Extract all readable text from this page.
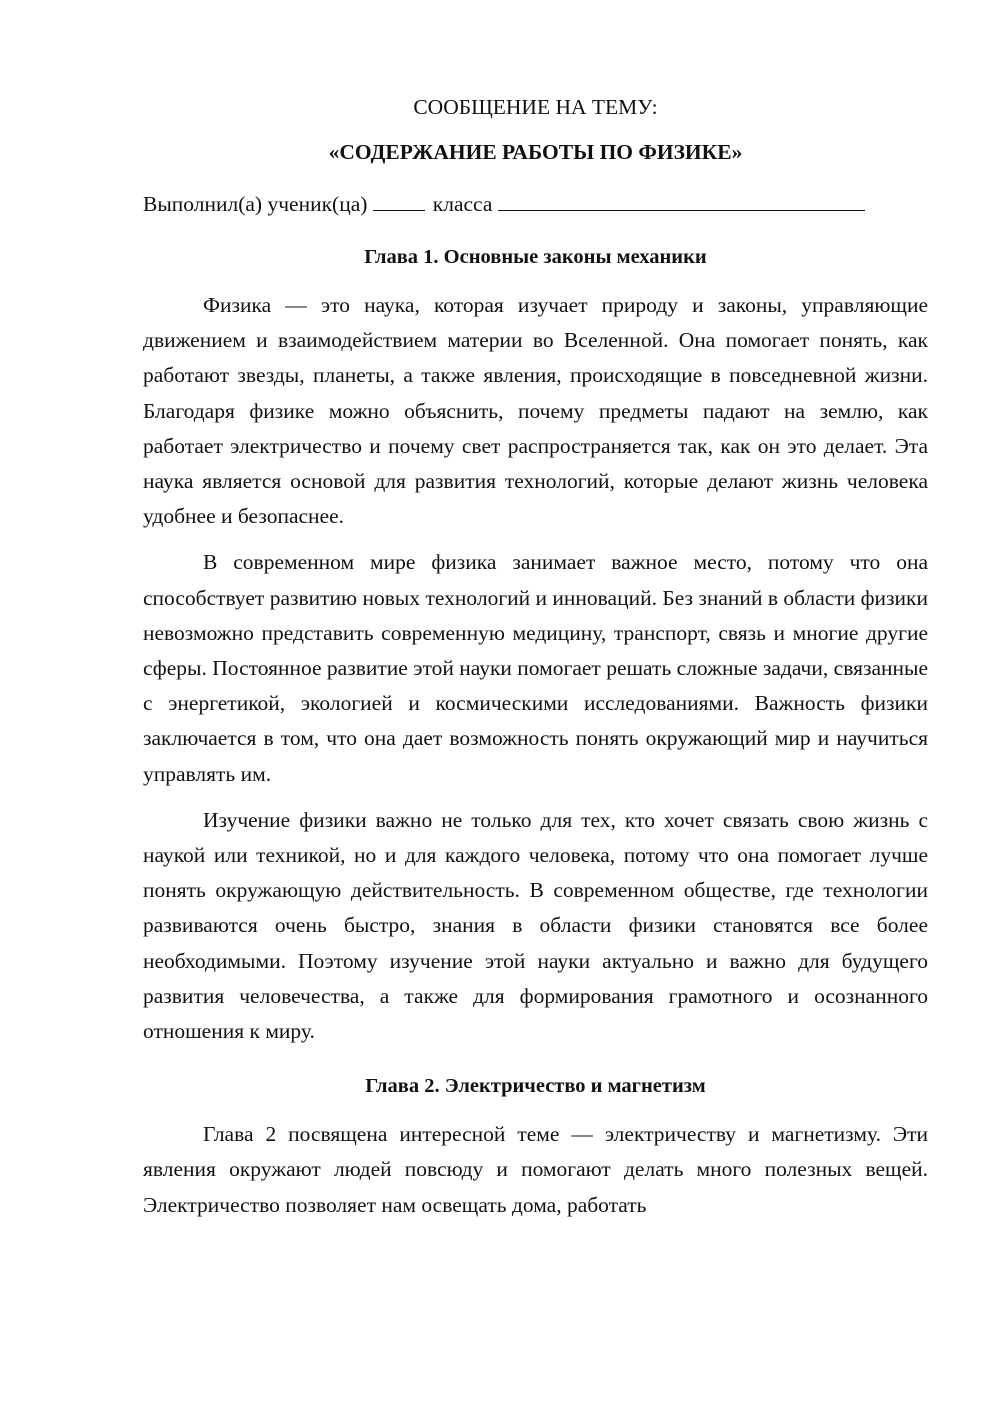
СООБЩЕНИЕ НА ТЕМУ:

«СОДЕРЖАНИЕ РАБОТЫ ПО ФИЗИКЕ»

Выполнил(а) ученик(ца)	класса
Глава 1. Основные законы механики

Физика — это наука, которая изучает природу и законы, управляющие движением и взаимодействием материи во Вселенной. Она помогает понять, как работают звезды, планеты, а также явления, происходящие в повседневной жизни. Благодаря физике можно объяснить, почему предметы падают на землю, как работает электричество и почему свет распространяется так, как он это делает. Эта наука является основой для развития технологий, которые делают жизнь человека удобнее и безопаснее.

В современном мире физика занимает важное место, потому что она способствует развитию новых технологий и инноваций. Без знаний в области физики невозможно представить современную медицину, транспорт, связь и многие другие сферы. Постоянное развитие этой науки помогает решать сложные задачи, связанные с энергетикой, экологией и космическими исследованиями. Важность физики заключается в том, что она дает возможность понять окружающий мир и научиться управлять им.

Изучение физики важно не только для тех, кто хочет связать свою жизнь с наукой или техникой, но и для каждого человека, потому что она помогает лучше понять окружающую действительность. В современном обществе, где технологии развиваются очень быстро, знания в области физики становятся все более необходимыми. Поэтому изучение этой науки актуально и важно для будущего развития человечества, а также для формирования грамотного и осознанного отношения к миру.

Глава 2. Электричество и магнетизм

Глава 2 посвящена интересной теме — электричеству и магнетизму. Эти явления окружают людей повсюду и помогают делать много полезных вещей. Электричество позволяет нам освещать дома, работать
